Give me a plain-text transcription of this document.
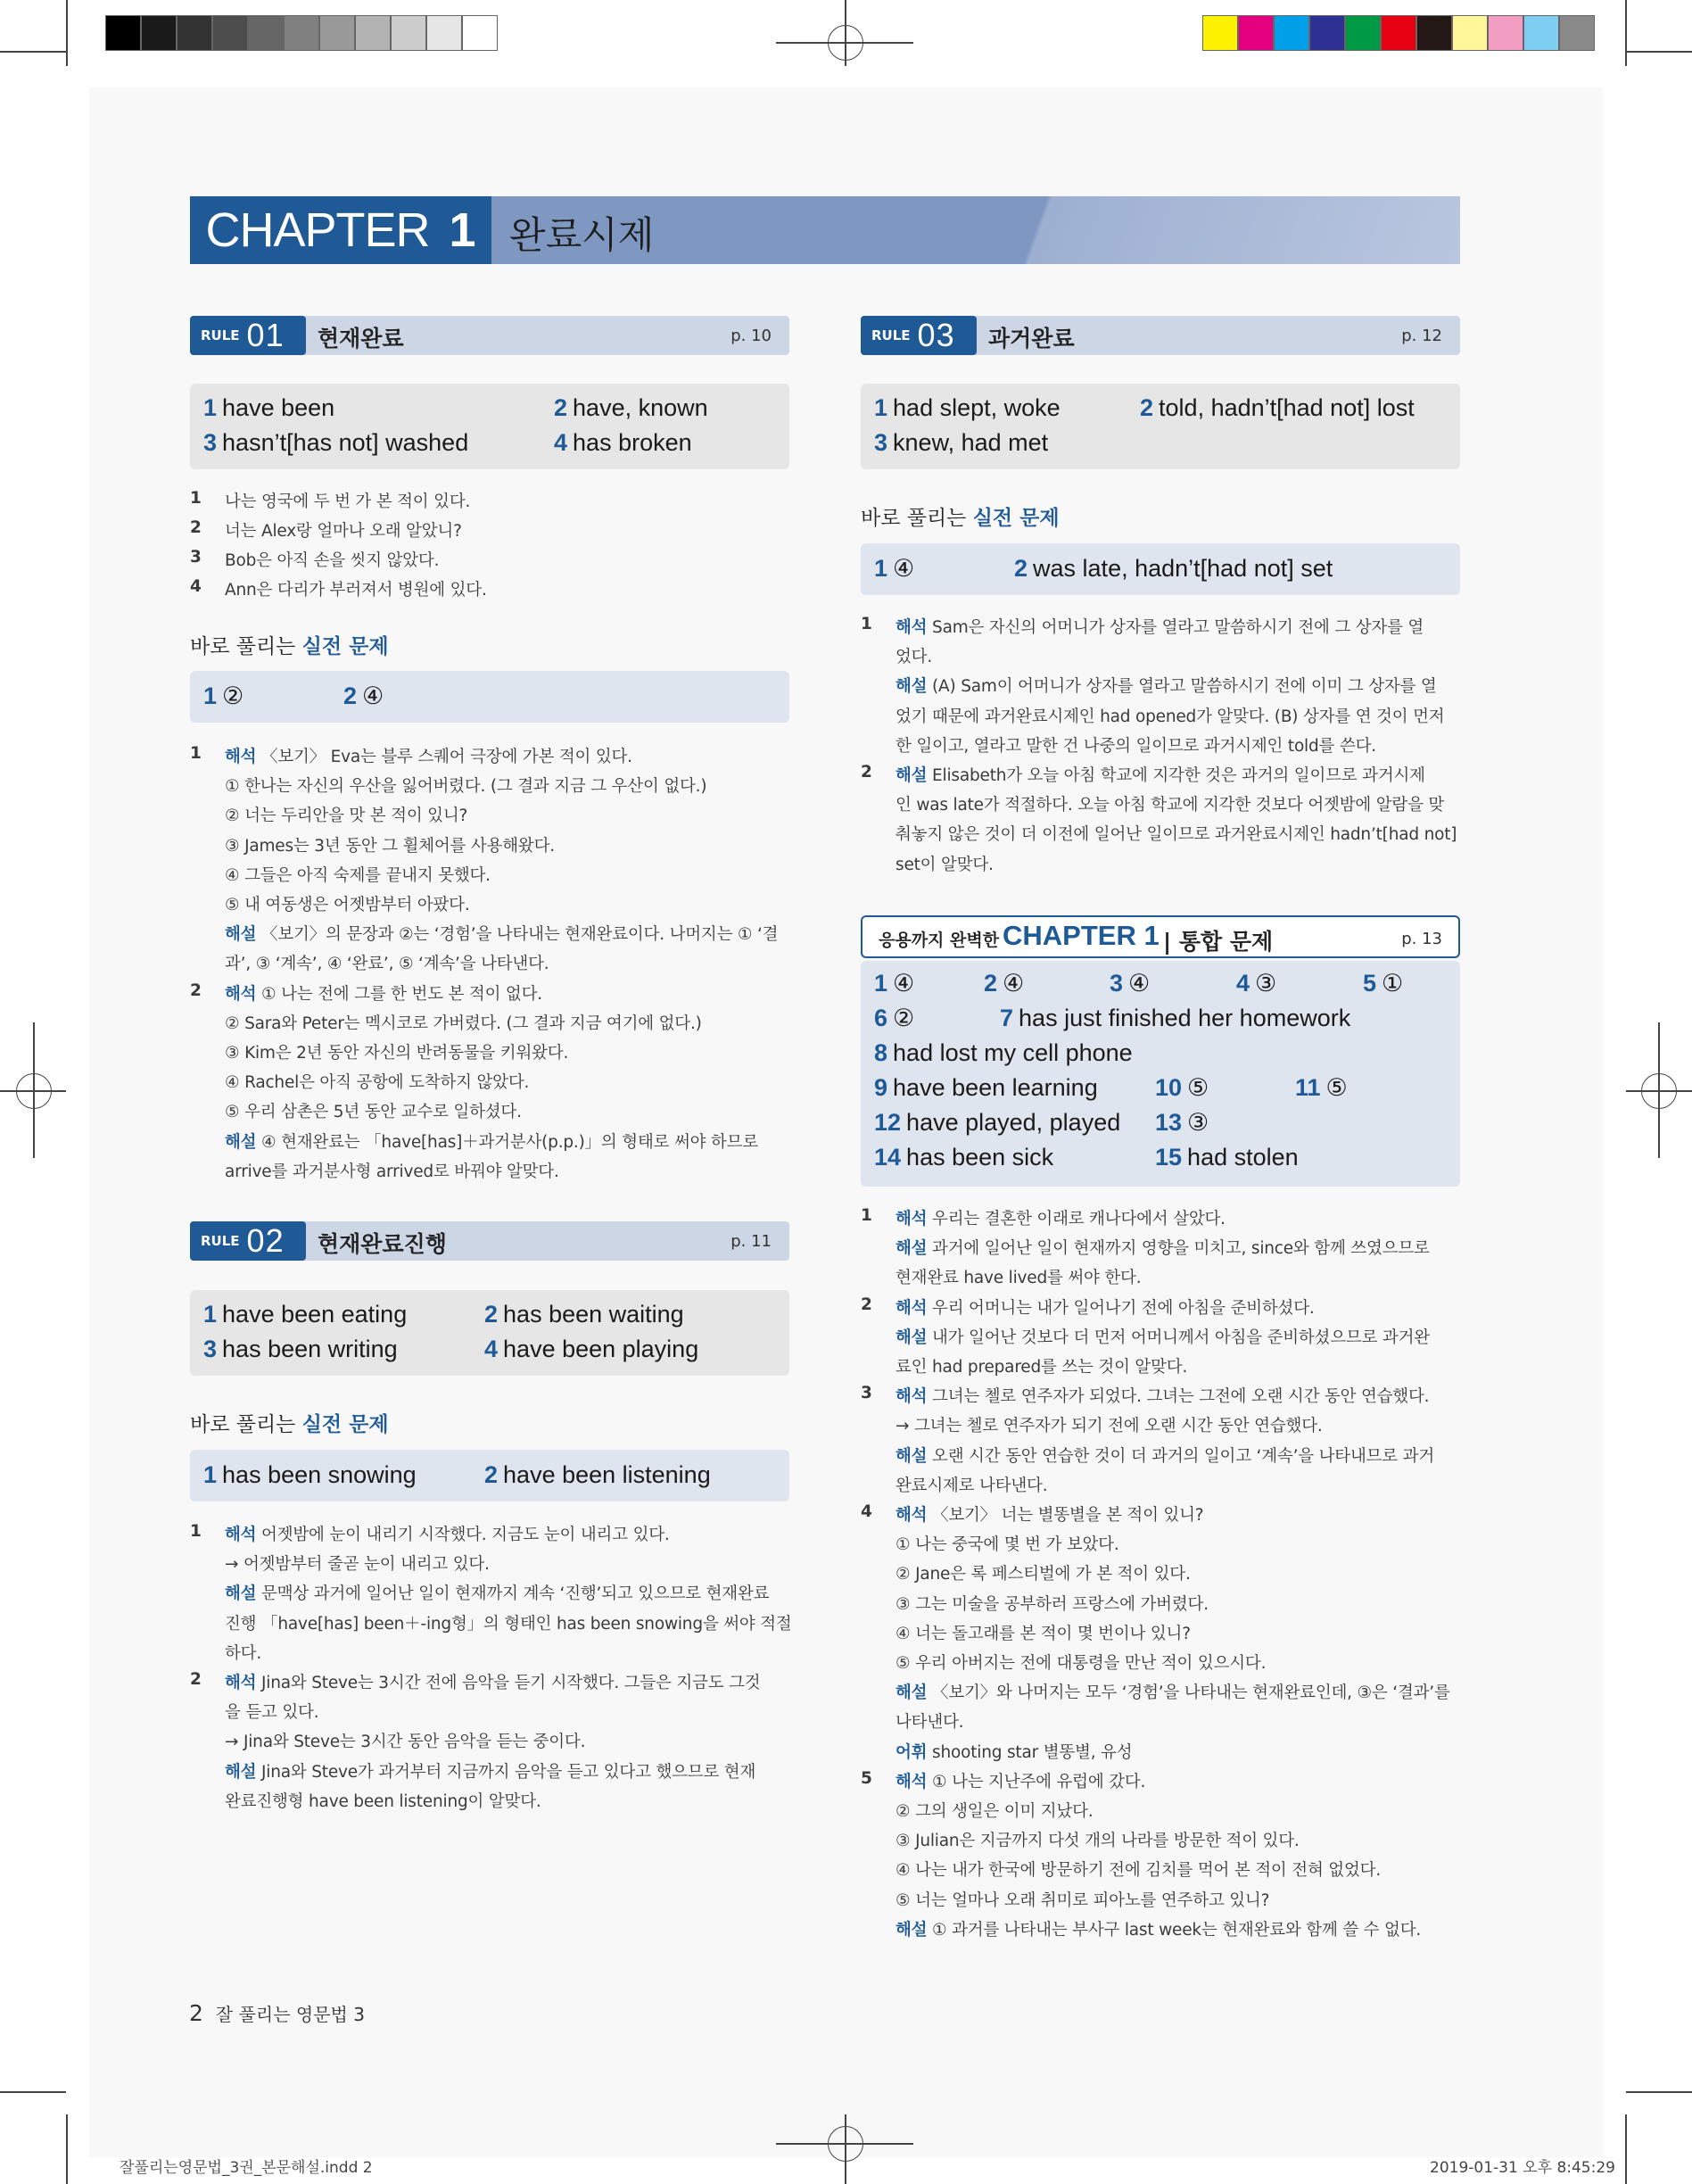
CHAPTER 1 완료시제
RULE 01 현재완료	p. 10
1 have been	2 have, known
3 hasn’t[has not] washed	4 has broken
1 나는 영국에 두 번 가 본 적이 있다.
2 너는 Alex랑 얼마나 오래 알았니?
3 Bob은 아직 손을 씻지 않았다.
4 Ann은 다리가 부러져서 병원에 있다.
바로 풀리는 실전 문제
1 ②	2 ④
1 해석 〈보기〉 Eva는 블루 스퀘어 극장에 가본 적이 있다.
① 한나는 자신의 우산을 잃어버렸다. (그 결과 지금 그 우산이 없다.)
② 너는 두리안을 맛 본 적이 있니?
③ James는 3년 동안 그 휠체어를 사용해왔다.
④ 그들은 아직 숙제를 끝내지 못했다.
⑤ 내 여동생은 어젯밤부터 아팠다.
해설 〈보기〉의 문장과 ②는 ‘경험’을 나타내는 현재완료이다. 나머지는 ① ‘결
과’, ③ ‘계속’, ④ ‘완료’, ⑤ ‘계속’을 나타낸다.
2 해석 ① 나는 전에 그를 한 번도 본 적이 없다.
② Sara와 Peter는 멕시코로 가버렸다. (그 결과 지금 여기에 없다.)
③ Kim은 2년 동안 자신의 반려동물을 키워왔다.
④ Rachel은 아직 공항에 도착하지 않았다.
⑤ 우리 삼촌은 5년 동안 교수로 일하셨다.
해설 ④ 현재완료는 「have[has]＋과거분사(p.p.)」의 형태로 써야 하므로
arrive를 과거분사형 arrived로 바꿔야 알맞다.
RULE 02 현재완료진행	p. 11
1 have been eating	2 has been waiting
3 has been writing	4 have been playing
바로 풀리는 실전 문제
1 has been snowing	2 have been listening
1 해석 어젯밤에 눈이 내리기 시작했다. 지금도 눈이 내리고 있다.
→ 어젯밤부터 줄곧 눈이 내리고 있다.
해설 문맥상 과거에 일어난 일이 현재까지 계속 ‘진행’되고 있으므로 현재완료
진행 「have[has] been＋-ing형」의 형태인 has been snowing을 써야 적절
하다.
2 해석 Jina와 Steve는 3시간 전에 음악을 듣기 시작했다. 그들은 지금도 그것
을 듣고 있다.
→ Jina와 Steve는 3시간 동안 음악을 듣는 중이다.
해설 Jina와 Steve가 과거부터 지금까지 음악을 듣고 있다고 했으므로 현재
완료진행형 have been listening이 알맞다.
RULE 03 과거완료	p. 12
1 had slept, woke	2 told, hadn’t[had not] lost
3 knew, had met
바로 풀리는 실전 문제
1 ④	2 was late, hadn’t[had not] set
1 해석 Sam은 자신의 어머니가 상자를 열라고 말씀하시기 전에 그 상자를 열
었다.
해설 (A) Sam이 어머니가 상자를 열라고 말씀하시기 전에 이미 그 상자를 열
었기 때문에 과거완료시제인 had opened가 알맞다. (B) 상자를 연 것이 먼저
한 일이고, 열라고 말한 건 나중의 일이므로 과거시제인 told를 쓴다.
2 해설 Elisabeth가 오늘 아침 학교에 지각한 것은 과거의 일이므로 과거시제
인 was late가 적절하다. 오늘 아침 학교에 지각한 것보다 어젯밤에 알람을 맞
춰놓지 않은 것이 더 이전에 일어난 일이므로 과거완료시제인 hadn’t[had not]
set이 알맞다.
응용까지 완벽한 CHAPTER 1 | 통합 문제	p. 13
1 ④	2 ④	3 ④	4 ③	5 ①
6 ②	7 has just finished her homework
8 had lost my cell phone
9 have been learning 10 ⑤	11 ⑤
12 have played, played 13 ③
14 has been sick	15 had stolen
1 해석 우리는 결혼한 이래로 캐나다에서 살았다.
해설 과거에 일어난 일이 현재까지 영향을 미치고, since와 함께 쓰였으므로
현재완료 have lived를 써야 한다.
2 해석 우리 어머니는 내가 일어나기 전에 아침을 준비하셨다.
해설 내가 일어난 것보다 더 먼저 어머니께서 아침을 준비하셨으므로 과거완
료인 had prepared를 쓰는 것이 알맞다.
3 해석 그녀는 첼로 연주자가 되었다. 그녀는 그전에 오랜 시간 동안 연습했다.
→ 그녀는 첼로 연주자가 되기 전에 오랜 시간 동안 연습했다.
해설 오랜 시간 동안 연습한 것이 더 과거의 일이고 ‘계속’을 나타내므로 과거
완료시제로 나타낸다.
4 해석 〈보기〉 너는 별똥별을 본 적이 있니?
① 나는 중국에 몇 번 가 보았다.
② Jane은 록 페스티벌에 가 본 적이 있다.
③ 그는 미술을 공부하러 프랑스에 가버렸다.
④ 너는 돌고래를 본 적이 몇 번이나 있니?
⑤ 우리 아버지는 전에 대통령을 만난 적이 있으시다.
해설 〈보기〉와 나머지는 모두 ‘경험’을 나타내는 현재완료인데, ③은 ‘결과’를
나타낸다.
어휘 shooting star 별똥별, 유성
5 해석 ① 나는 지난주에 유럽에 갔다.
② 그의 생일은 이미 지났다.
③ Julian은 지금까지 다섯 개의 나라를 방문한 적이 있다.
④ 나는 내가 한국에 방문하기 전에 김치를 먹어 본 적이 전혀 없었다.
⑤ 너는 얼마나 오래 취미로 피아노를 연주하고 있니?
해설 ① 과거를 나타내는 부사구 last week는 현재완료와 함께 쓸 수 없다.
2 잘 풀리는 영문법 3
잘풀리는영문법_3권_본문해설.indd 2	2019-01-31 오후 8:45:29
